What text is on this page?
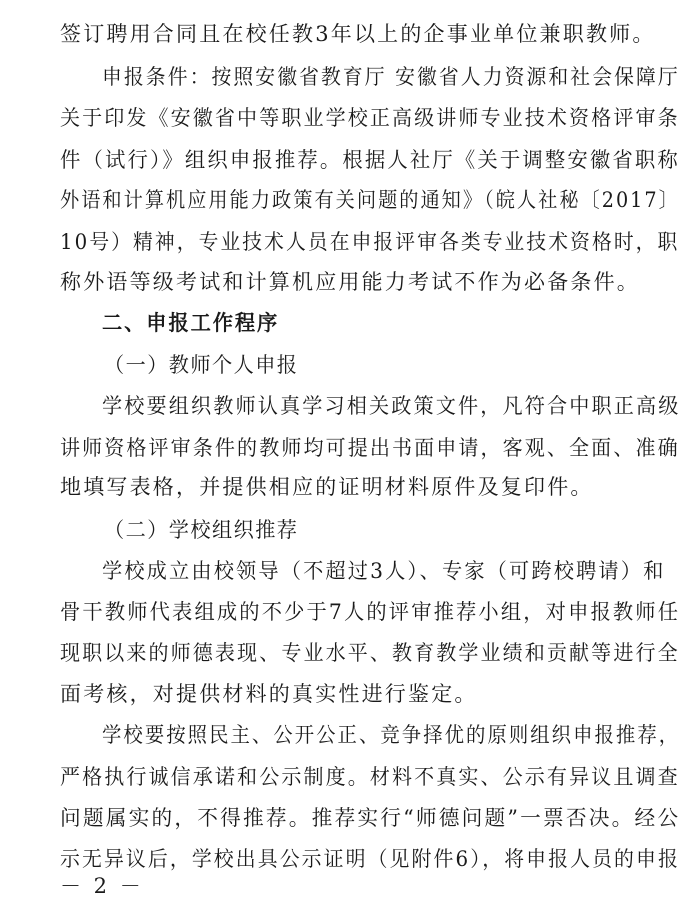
签订聘用合同且在校任教3年以上的企事业单位兼职教师。
申报条件：按照安徽省教育厅 安徽省人力资源和社会保障厅
关于印发《安徽省中等职业学校正高级讲师专业技术资格评审条
件（试行）》组织申报推荐。根据人社厅《关于调整安徽省职称
外语和计算机应用能力政策有关问题的通知》（皖人社秘〔2017〕
10号）精神，专业技术人员在申报评审各类专业技术资格时，职
称外语等级考试和计算机应用能力考试不作为必备条件。
二、申报工作程序
（一）教师个人申报
学校要组织教师认真学习相关政策文件，凡符合中职正高级
讲师资格评审条件的教师均可提出书面申请，客观、全面、准确
地填写表格，并提供相应的证明材料原件及复印件。
（二）学校组织推荐
学校成立由校领导（不超过3人）、专家（可跨校聘请）和
骨干教师代表组成的不少于7人的评审推荐小组，对申报教师任
现职以来的师德表现、专业水平、教育教学业绩和贡献等进行全
面考核，对提供材料的真实性进行鉴定。
学校要按照民主、公开公正、竞争择优的原则组织申报推荐，
严格执行诚信承诺和公示制度。材料不真实、公示有异议且调查
问题属实的，不得推荐。推荐实行“师德问题”一票否决。经公
示无异议后，学校出具公示证明（见附件6），将申报人员的申报
－ 2 －
